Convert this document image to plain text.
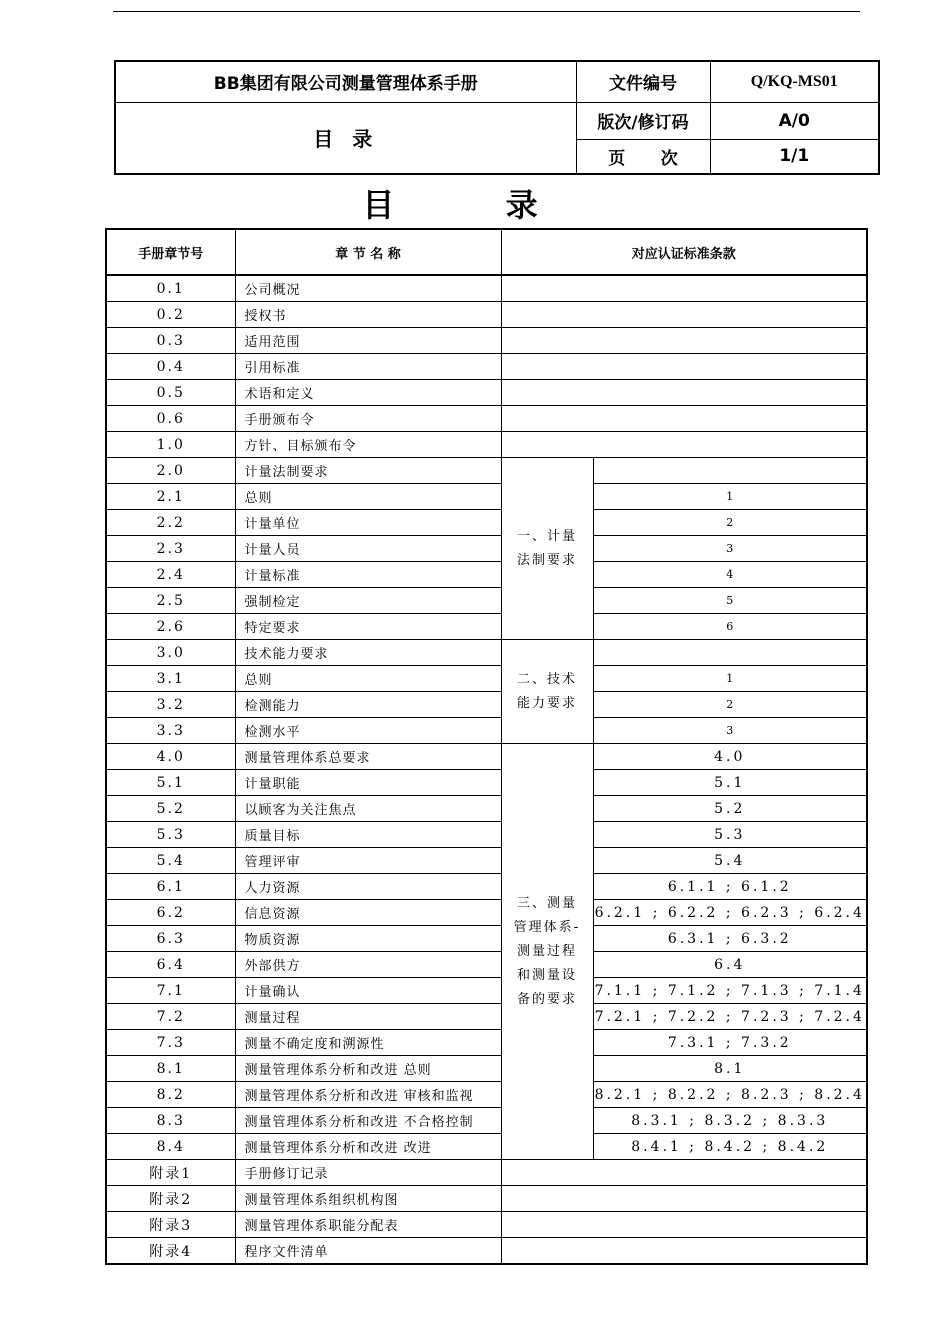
BB集团有限公司测量管理体系手册	文件编号	Q/KQ-MS01
目 录	版次/修订码	A/0
	页      次	1/1
目 录
手册章节号	章 节 名 称	对应认证标准条款	
0.1	公司概况		
0.2	授权书		
0.3	适用范围		
0.4	引用标准		
0.5	术语和定义		
0.6	手册颁布令		
1.0	方针、目标颁布令		
2.0	计量法制要求	一、计量法制要求	
2.1	总则		1
2.2	计量单位		2
2.3	计量人员		3
2.4	计量标准		4
2.5	强制检定		5
2.6	特定要求		6
3.0	技术能力要求	二、技术能力要求	
3.1	总则		1
3.2	检测能力		2
3.3	检测水平		3
4.0	测量管理体系总要求	三、测量管理体系-测量过程和测量设备的要求	4.0
5.1	计量职能		5.1
5.2	以顾客为关注焦点		5.2
5.3	质量目标		5.3
5.4	管理评审		5.4
6.1	人力资源		6.1.1 ; 6.1.2
6.2	信息资源		6.2.1 ; 6.2.2 ; 6.2.3 ; 6.2.4
6.3	物质资源		6.3.1 ; 6.3.2
6.4	外部供方		6.4
7.1	计量确认		7.1.1 ; 7.1.2 ; 7.1.3 ; 7.1.4
7.2	测量过程		7.2.1 ; 7.2.2 ; 7.2.3 ; 7.2.4
7.3	测量不确定度和溯源性		7.3.1 ; 7.3.2
8.1	测量管理体系分析和改进 总则		8.1
8.2	测量管理体系分析和改进 审核和监视		8.2.1 ; 8.2.2 ; 8.2.3 ; 8.2.4
8.3	测量管理体系分析和改进 不合格控制		8.3.1 ; 8.3.2 ; 8.3.3
8.4	测量管理体系分析和改进 改进		8.4.1 ; 8.4.2 ; 8.4.2
附录1	手册修订记录		
附录2	测量管理体系组织机构图		
附录3	测量管理体系职能分配表		
附录4	程序文件清单		
